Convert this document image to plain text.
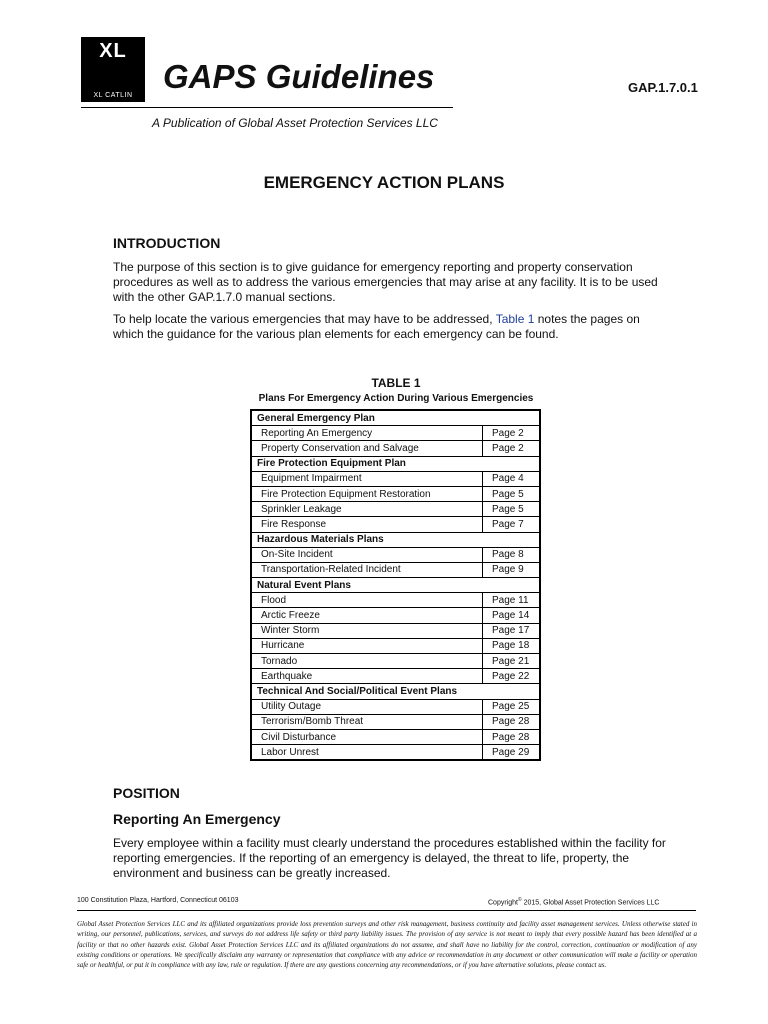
XL
XL CATLIN
GAPS Guidelines	GAP.1.7.0.1
A Publication of Global Asset Protection Services LLC
EMERGENCY ACTION PLANS
INTRODUCTION

The purpose of this section is to give guidance for emergency reporting and property conservation procedures as well as to address the various emergencies that may arise at any facility. It is to be used with the other GAP.1.7.0 manual sections.

To help locate the various emergencies that may have to be addressed, Table 1 notes the pages on which the guidance for the various plan elements for each emergency can be found.

TABLE 1
Plans For Emergency Action During Various Emergencies
General Emergency Plan	
Reporting An Emergency	Page 2
Property Conservation and Salvage	Page 2
Fire Protection Equipment Plan	
Equipment Impairment	Page 4
Fire Protection Equipment Restoration	Page 5
Sprinkler Leakage	Page 5
Fire Response	Page 7
Hazardous Materials Plans	
On-Site Incident	Page 8
Transportation-Related Incident	Page 9
Natural Event Plans	
Flood	Page 11
Arctic Freeze	Page 14
Winter Storm	Page 17
Hurricane	Page 18
Tornado	Page 21
Earthquake	Page 22
Technical And Social/Political Event Plans	
Utility Outage	Page 25
Terrorism/Bomb Threat	Page 28
Civil Disturbance	Page 28
Labor Unrest	Page 29
POSITION
Reporting An Emergency

Every employee within a facility must clearly understand the procedures established within the facility for reporting emergencies. If the reporting of an emergency is delayed, the threat to life, property, the environment and business can be greatly increased.

100 Constitution Plaza, Hartford, Connecticut 06103	Copyright© 2015, Global Asset Protection Services LLC

Global Asset Protection Services LLC and its affiliated organizations provide loss prevention surveys and other risk management, business continuity and facility asset management services. Unless otherwise stated in writing, our personnel, publications, services, and surveys do not address life safety or third party liability issues. The provision of any service is not meant to imply that every possible hazard has been identified at a facility or that no other hazards exist. Global Asset Protection Services LLC and its affiliated organizations do not assume, and shall have no liability for the control, correction, continuation or modification of any existing conditions or operations. We specifically disclaim any warranty or representation that compliance with any advice or recommendation in any document or other communication will make a facility or operation safe or healthful, or put it in compliance with any law, rule or regulation. If there are any questions concerning any recommendations, or if you have alternative solutions, please contact us.
